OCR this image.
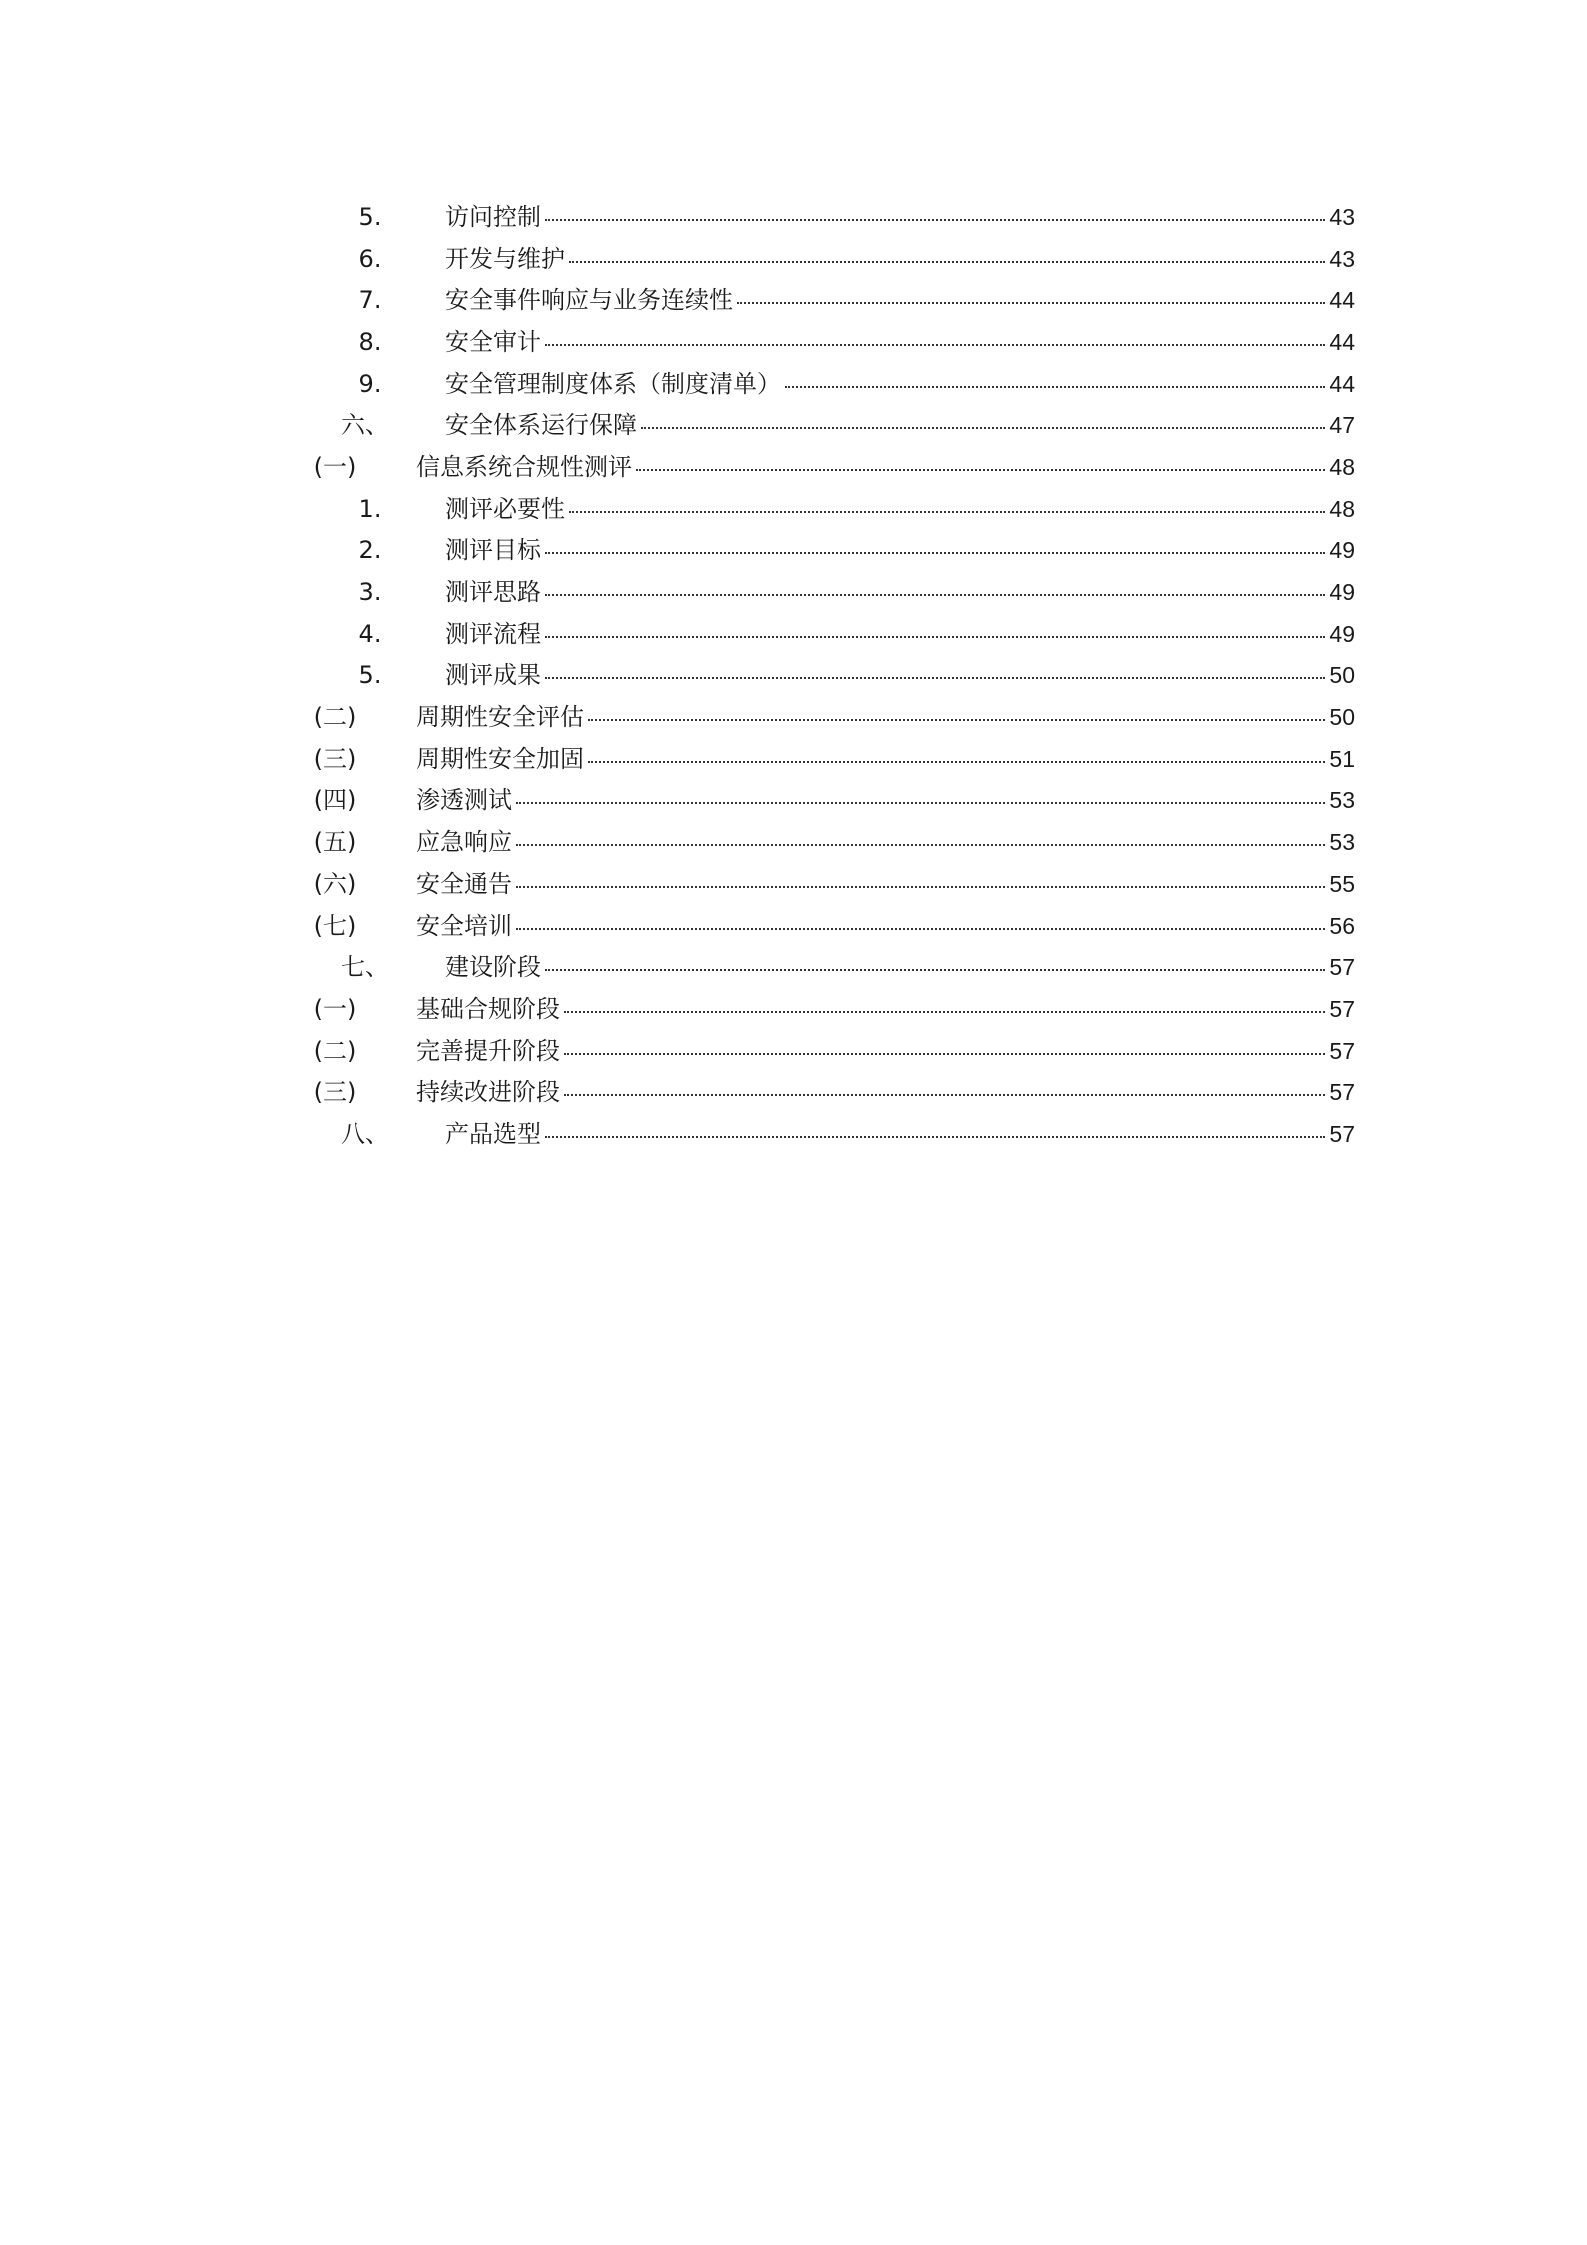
5.	访问控制	43
6.	开发与维护	43
7.	安全事件响应与业务连续性	44
8.	安全审计	44
9.	安全管理制度体系（制度清单）	44
六、	安全体系运行保障	47
(一)	信息系统合规性测评	48
1.	测评必要性	48
2.	测评目标	49
3.	测评思路	49
4.	测评流程	49
5.	测评成果	50
(二)	周期性安全评估	50
(三)	周期性安全加固	51
(四)	渗透测试	53
(五)	应急响应	53
(六)	安全通告	55
(七)	安全培训	56
七、	建设阶段	57
(一)	基础合规阶段	57
(二)	完善提升阶段	57
(三)	持续改进阶段	57
八、	产品选型	57
